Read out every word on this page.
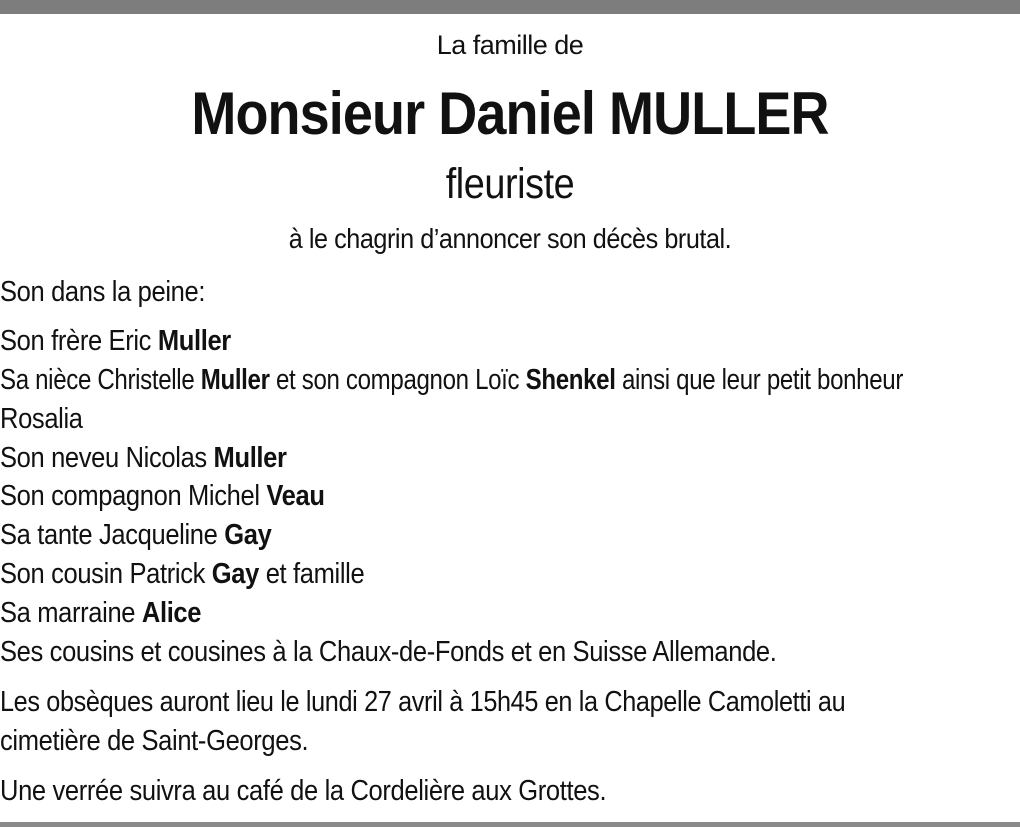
La famille de
Monsieur Daniel MULLER
fleuriste
à le chagrin d’annoncer son décès brutal.
Son dans la peine:
Son frère Eric Muller
Sa nièce Christelle Muller et son compagnon Loïc Shenkel ainsi que leur petit bonheur
Rosalia
Son neveu Nicolas Muller
Son compagnon Michel Veau
Sa tante Jacqueline Gay
Son cousin Patrick Gay et famille
Sa marraine Alice
Ses cousins et cousines à la Chaux-de-Fonds et en Suisse Allemande.
Les obsèques auront lieu le lundi 27 avril à 15h45 en la Chapelle Camoletti au
cimetière de Saint-Georges.
Une verrée suivra au café de la Cordelière aux Grottes.
